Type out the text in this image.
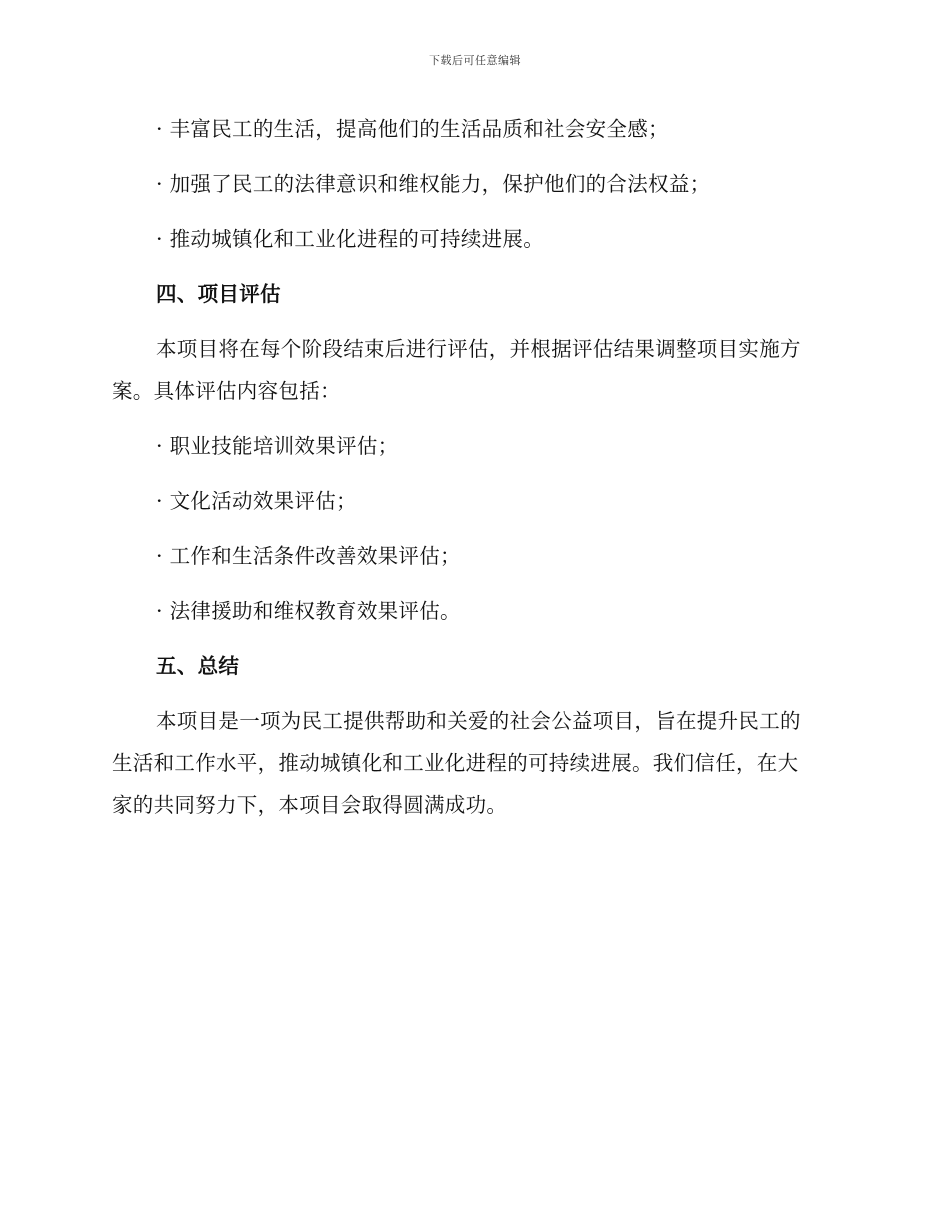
下载后可任意编辑
· 丰富民工的生活，提高他们的生活品质和社会安全感；
· 加强了民工的法律意识和维权能力，保护他们的合法权益；
· 推动城镇化和工业化进程的可持续进展。
四、项目评估
本项目将在每个阶段结束后进行评估，并根据评估结果调整项目实施方
案。具体评估内容包括：
· 职业技能培训效果评估；
· 文化活动效果评估；
· 工作和生活条件改善效果评估；
· 法律援助和维权教育效果评估。
五、总结
本项目是一项为民工提供帮助和关爱的社会公益项目，旨在提升民工的
生活和工作水平，推动城镇化和工业化进程的可持续进展。我们信任，在大
家的共同努力下，本项目会取得圆满成功。
